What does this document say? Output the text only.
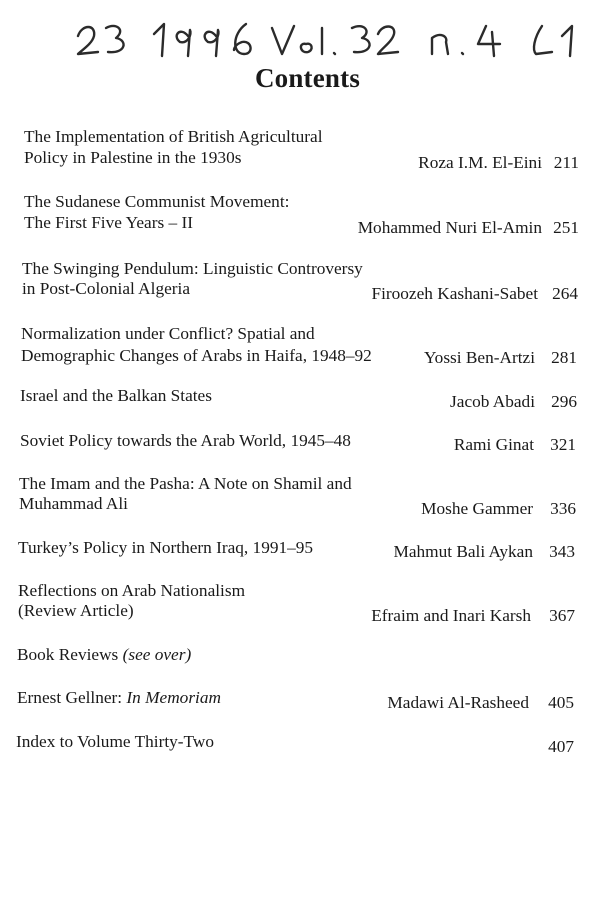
Contents
The Implementation of British Agricultural
Policy in Palestine in the 1930s	Roza I.M. El-Eini 211
The Sudanese Communist Movement:
The First Five Years – II	Mohammed Nuri El-Amin 251
The Swinging Pendulum: Linguistic Controversy
in Post-Colonial Algeria	Firoozeh Kashani-Sabet 264
Normalization under Conflict? Spatial and
Demographic Changes of Arabs in Haifa, 1948–92	Yossi Ben-Artzi 281
Israel and the Balkan States	Jacob Abadi 296
Soviet Policy towards the Arab World, 1945–48	Rami Ginat 321
The Imam and the Pasha: A Note on Shamil and
Muhammad Ali	Moshe Gammer 336
Turkey’s Policy in Northern Iraq, 1991–95	Mahmut Bali Aykan 343
Reflections on Arab Nationalism
(Review Article)	Efraim and Inari Karsh 367
Book Reviews (see over)
Ernest Gellner: In Memoriam	Madawi Al-Rasheed 405
Index to Volume Thirty-Two	407
